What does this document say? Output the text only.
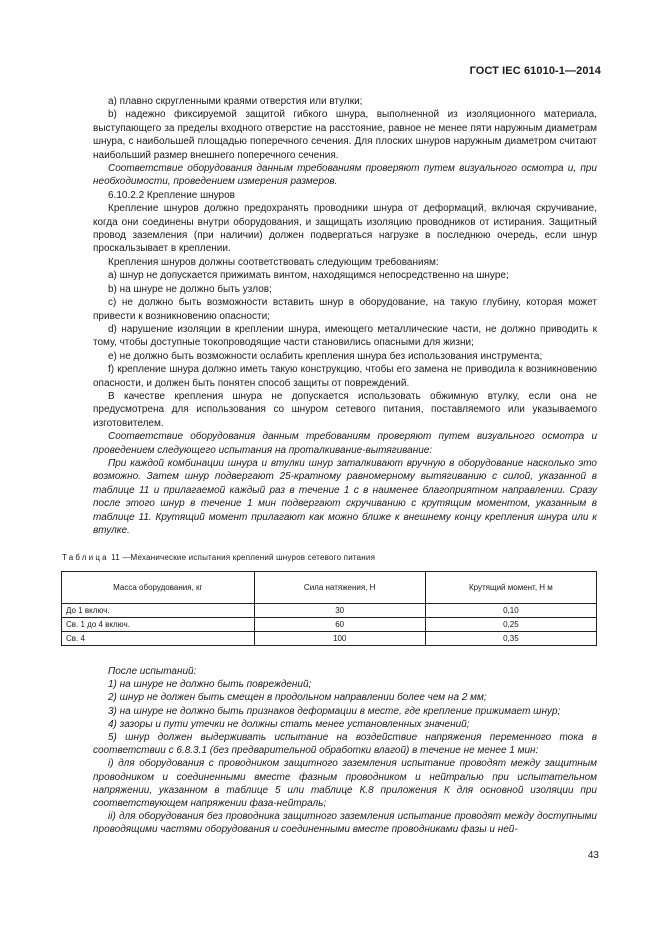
ГОСТ IEC 61010-1—2014

а) плавно скругленными краями отверстия или втулки;

b) надежно фиксируемой защитой гибкого шнура, выполненной из изоляционного материала, выступающего за пределы входного отверстие на расстояние, равное не менее пяти наружным диаметрам шнура, с наибольшей площадью поперечного сечения. Для плоских шнуров наружным диаметром считают наибольший размер внешнего поперечного сечения.

Соответствие оборудования данным требованиям проверяют путем визуального осмотра и, при необходимости, проведением измерения размеров.

6.10.2.2 Крепление шнуров

Крепление шнуров должно предохранять проводники шнура от деформаций, включая скручивание, когда они соединены внутри оборудования, и защищать изоляцию проводников от истирания. Защитный провод заземления (при наличии) должен подвергаться нагрузке в последнюю очередь, если шнур проскальзывает в креплении.

Крепления шнуров должны соответствовать следующим требованиям:

а) шнур не допускается прижимать винтом, находящимся непосредственно на шнуре;

b) на шнуре не должно быть узлов;

с) не должно быть возможности вставить шнур в оборудование, на такую глубину, которая может привести к возникновению опасности;

d) нарушение изоляции в креплении шнура, имеющего металлические части, не должно приводить к тому, чтобы доступные токопроводящие части становились опасными для жизни;

е) не должно быть возможности ослабить крепления шнура без использования инструмента;

f) крепление шнура должно иметь такую конструкцию, чтобы его замена не приводила к возникновению опасности, и должен быть понятен способ защиты от повреждений.

В качестве крепления шнура не допускается использовать обжимную втулку, если она не предусмотрена для использования со шнуром сетевого питания, поставляемого или указываемого изготовителем.

Соответствие оборудования данным требованиям проверяют путем визуального осмотра и проведением следующего испытания на проталкивание-вытягивание:

При каждой комбинации шнура и втулки шнур заталкивают вручную в оборудование насколько это возможно. Затем шнур подвергают 25-кратному равномерному вытягиванию с силой, указанной в таблице 11 и прилагаемой каждый раз в течение 1 с в наименее благоприятном направлении. Сразу после этого шнур в течение 1 мин подвергают скручиванию с крутящим моментом, указанным в таблице 11. Крутящий момент прилагают как можно ближе к внешнему концу крепления шнура или к втулке.

Таблица 11 —Механические испытания креплений шнуров сетевого питания
Масса оборудования, кг	Сила натяжения, Н	Крутящий момент, Н м
До 1 включ.	30	0,10
Св. 1 до 4 включ.	60	0,25
Св. 4	100	0,35

После испытаний:

1) на шнуре не должно быть повреждений;

2) шнур не должен быть смещен в продольном направлении более чем на 2 мм;

3) на шнуре не должно быть признаков деформации в месте, где крепление прижимает шнур;

4) зазоры и пути утечки не должны стать менее установленных значений;

5) шнур должен выдерживать испытание на воздействие напряжения переменного тока в соответствии с 6.8.3.1 (без предварительной обработки влагой) в течение не менее 1 мин:

i) для оборудования с проводником защитного заземления испытание проводят между защитным проводником и соединенными вместе фазным проводником и нейтралью при испытательном напряжении, указанном в таблице 5 или таблице К.8 приложения К для основной изоляции при соответствующем напряжении фаза-нейтраль;

ii) для оборудования без проводника защитного заземления испытание проводят между доступными проводящими частями оборудования и соединенными вместе проводниками фазы и ней-

43
